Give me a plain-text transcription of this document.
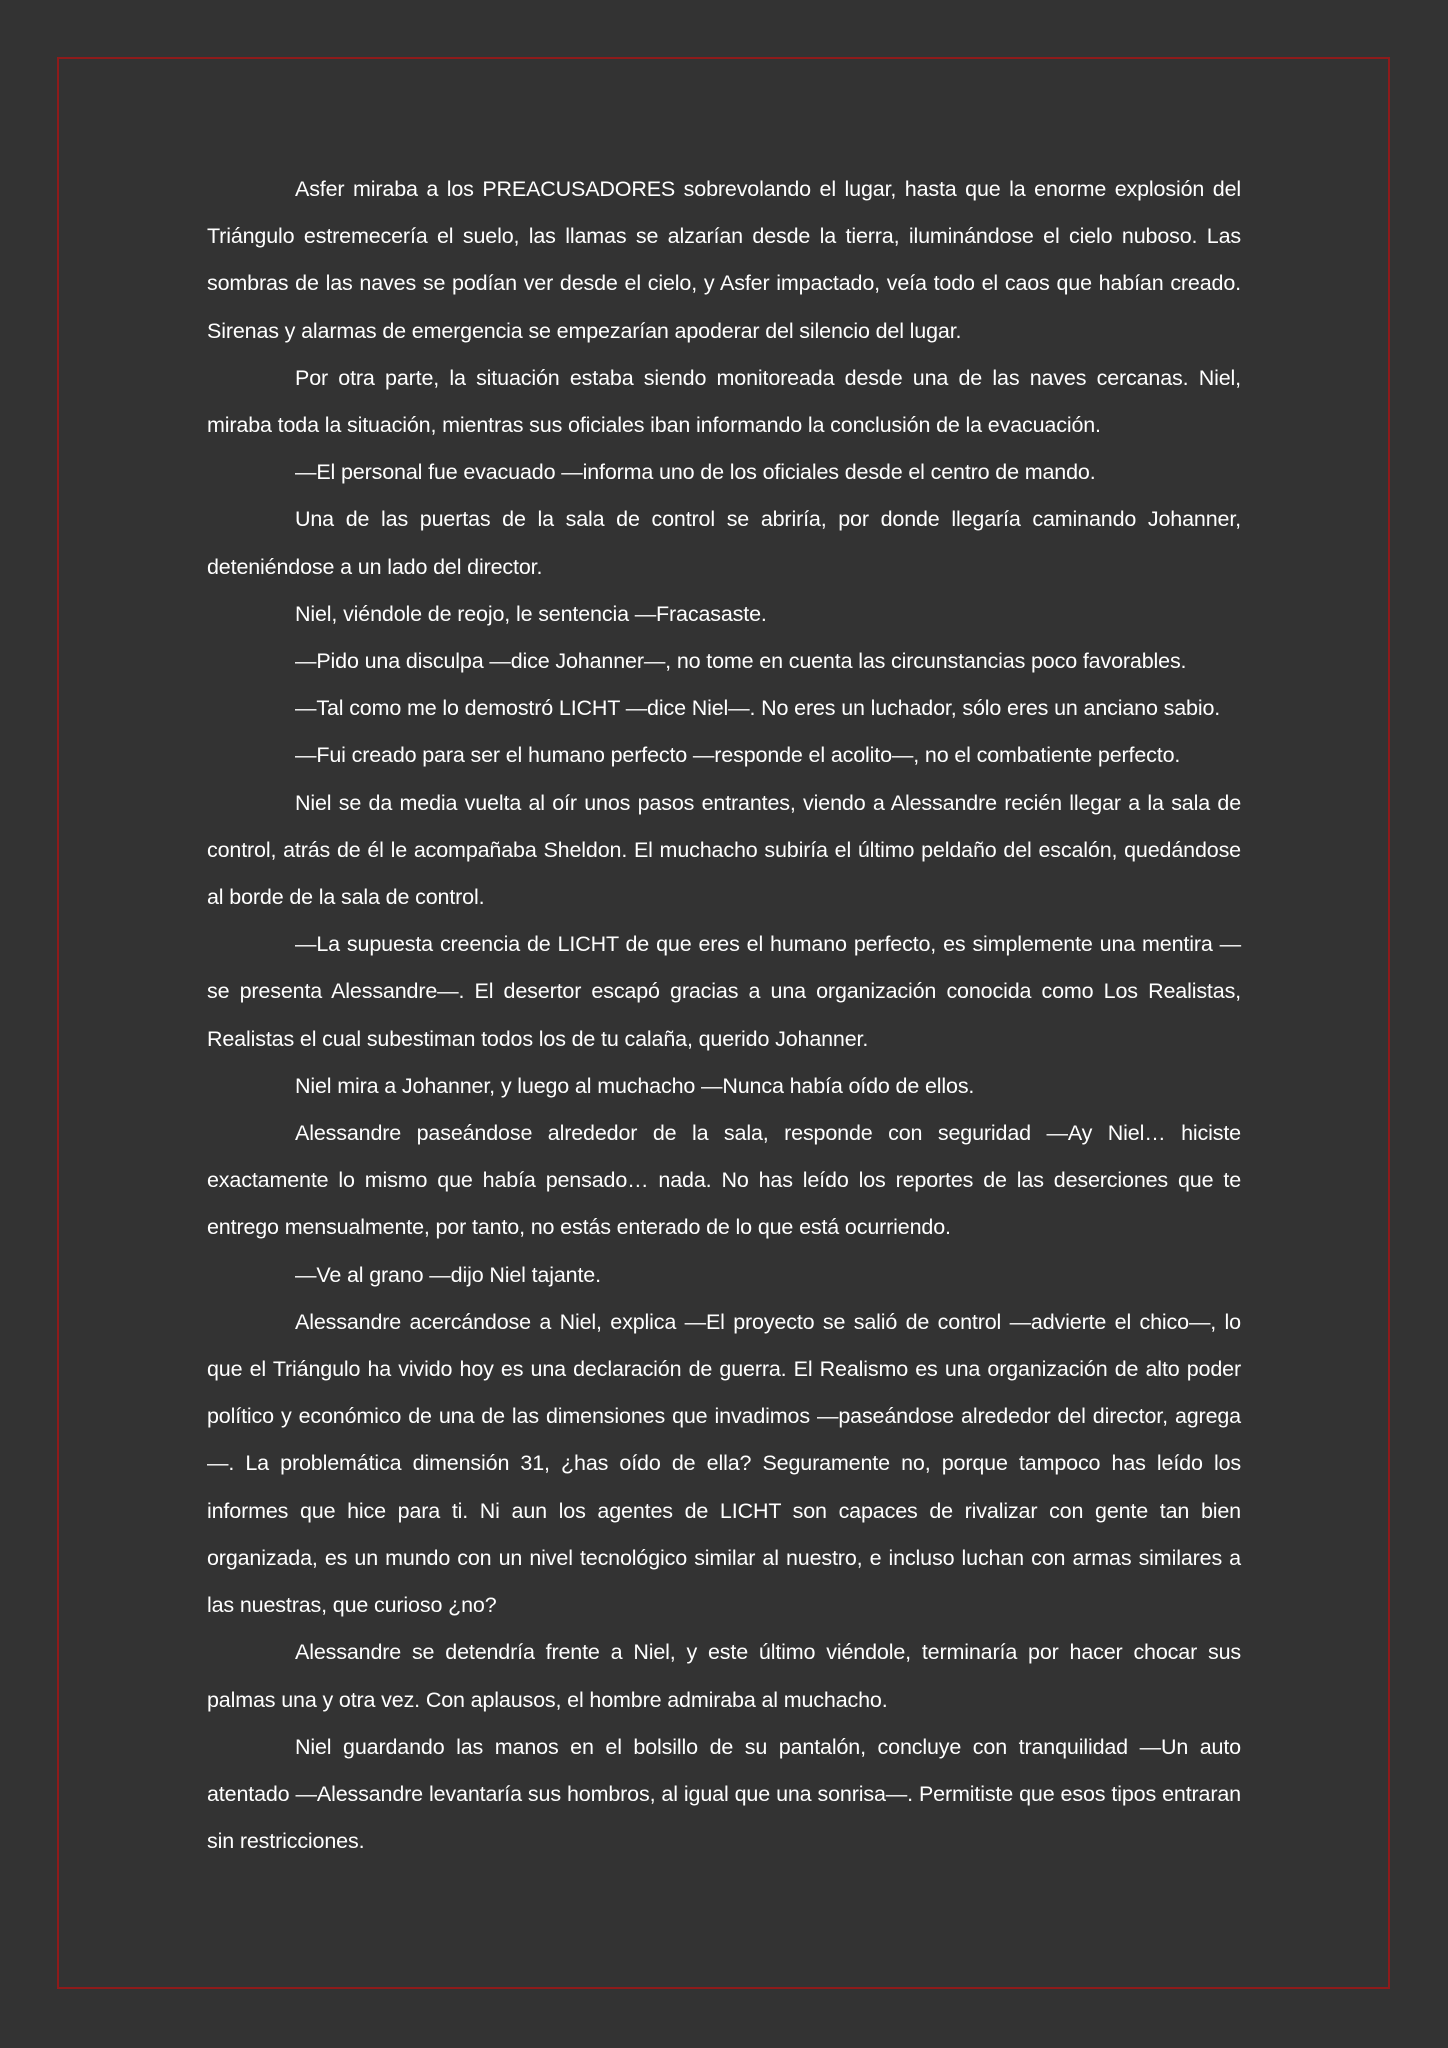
Asfer miraba a los PREACUSADORES sobrevolando el lugar, hasta que la enorme explosión del Triángulo estremecería el suelo, las llamas se alzarían desde la tierra, iluminándose el cielo nuboso. Las sombras de las naves se podían ver desde el cielo, y Asfer impactado, veía todo el caos que habían creado. Sirenas y alarmas de emergencia se empezarían apoderar del silencio del lugar.

Por otra parte, la situación estaba siendo monitoreada desde una de las naves cercanas. Niel, miraba toda la situación, mientras sus oficiales iban informando la conclusión de la evacuación.

—El personal fue evacuado —informa uno de los oficiales desde el centro de mando.

Una de las puertas de la sala de control se abriría, por donde llegaría caminando Johanner, deteniéndose a un lado del director.

Niel, viéndole de reojo, le sentencia —Fracasaste.

—Pido una disculpa —dice Johanner—, no tome en cuenta las circunstancias poco favorables.

—Tal como me lo demostró LICHT —dice Niel—. No eres un luchador, sólo eres un anciano sabio.

—Fui creado para ser el humano perfecto —responde el acolito—, no el combatiente perfecto.

Niel se da media vuelta al oír unos pasos entrantes, viendo a Alessandre recién llegar a la sala de control, atrás de él le acompañaba Sheldon. El muchacho subiría el último peldaño del escalón, quedándose al borde de la sala de control.

—La supuesta creencia de LICHT de que eres el humano perfecto, es simplemente una mentira —se presenta Alessandre—. El desertor escapó gracias a una organización conocida como Los Realistas, Realistas el cual subestiman todos los de tu calaña, querido Johanner.

Niel mira a Johanner, y luego al muchacho —Nunca había oído de ellos.

Alessandre paseándose alrededor de la sala, responde con seguridad —Ay Niel… hiciste exactamente lo mismo que había pensado… nada. No has leído los reportes de las deserciones que te entrego mensualmente, por tanto, no estás enterado de lo que está ocurriendo.

—Ve al grano —dijo Niel tajante.

Alessandre acercándose a Niel, explica —El proyecto se salió de control —advierte el chico—, lo que el Triángulo ha vivido hoy es una declaración de guerra. El Realismo es una organización de alto poder político y económico de una de las dimensiones que invadimos —paseándose alrededor del director, agrega—. La problemática dimensión 31, ¿has oído de ella? Seguramente no, porque tampoco has leído los informes que hice para ti. Ni aun los agentes de LICHT son capaces de rivalizar con gente tan bien organizada, es un mundo con un nivel tecnológico similar al nuestro, e incluso luchan con armas similares a las nuestras, que curioso ¿no?

Alessandre se detendría frente a Niel, y este último viéndole, terminaría por hacer chocar sus palmas una y otra vez. Con aplausos, el hombre admiraba al muchacho.

Niel guardando las manos en el bolsillo de su pantalón, concluye con tranquilidad —Un auto atentado —Alessandre levantaría sus hombros, al igual que una sonrisa—. Permitiste que esos tipos entraran sin restricciones.
